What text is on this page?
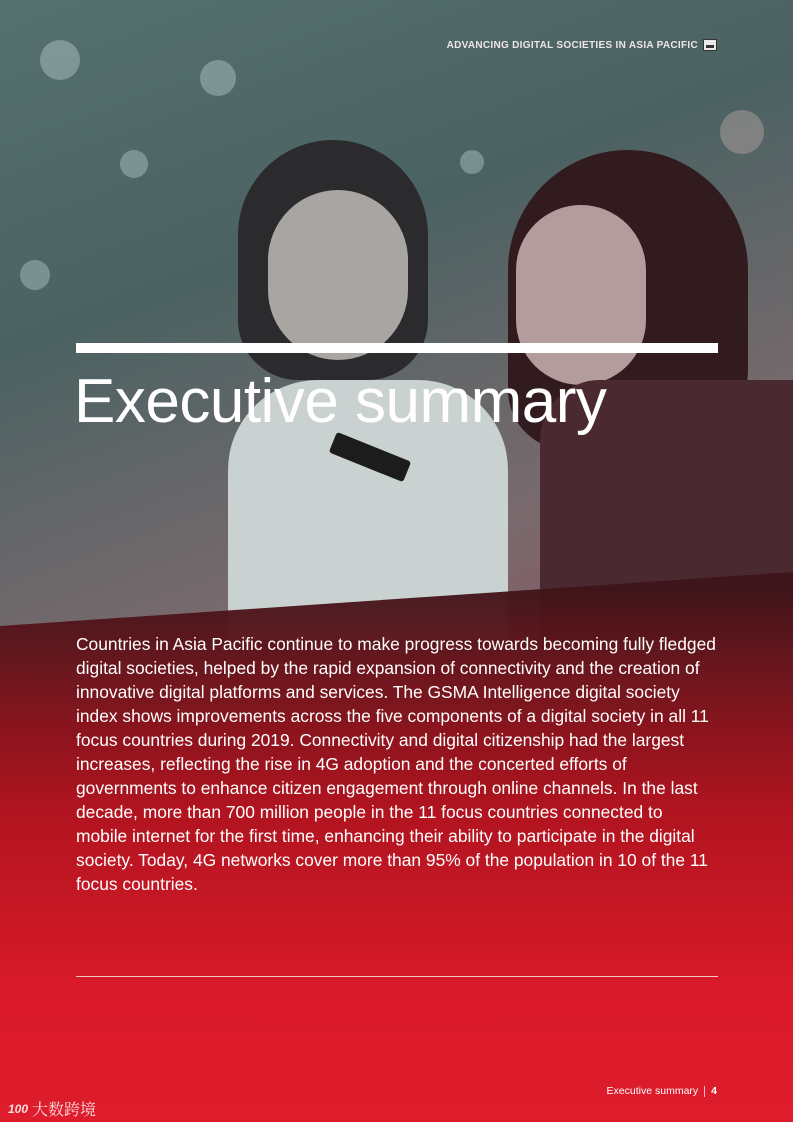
ADVANCING DIGITAL SOCIETIES IN ASIA PACIFIC
Executive summary

Countries in Asia Pacific continue to make progress towards becoming fully fledged digital societies, helped by the rapid expansion of connectivity and the creation of innovative digital platforms and services. The GSMA Intelligence digital society index shows improvements across the five components of a digital society in all 11 focus countries during 2019. Connectivity and digital citizenship had the largest increases, reflecting the rise in 4G adoption and the concerted efforts of governments to enhance citizen engagement through online channels. In the last decade, more than 700 million people in the 11 focus countries connected to mobile internet for the first time, enhancing their ability to participate in the digital society. Today, 4G networks cover more than 95% of the population in 10 of the 11 focus countries.

Executive summary 4
100 大数跨境
